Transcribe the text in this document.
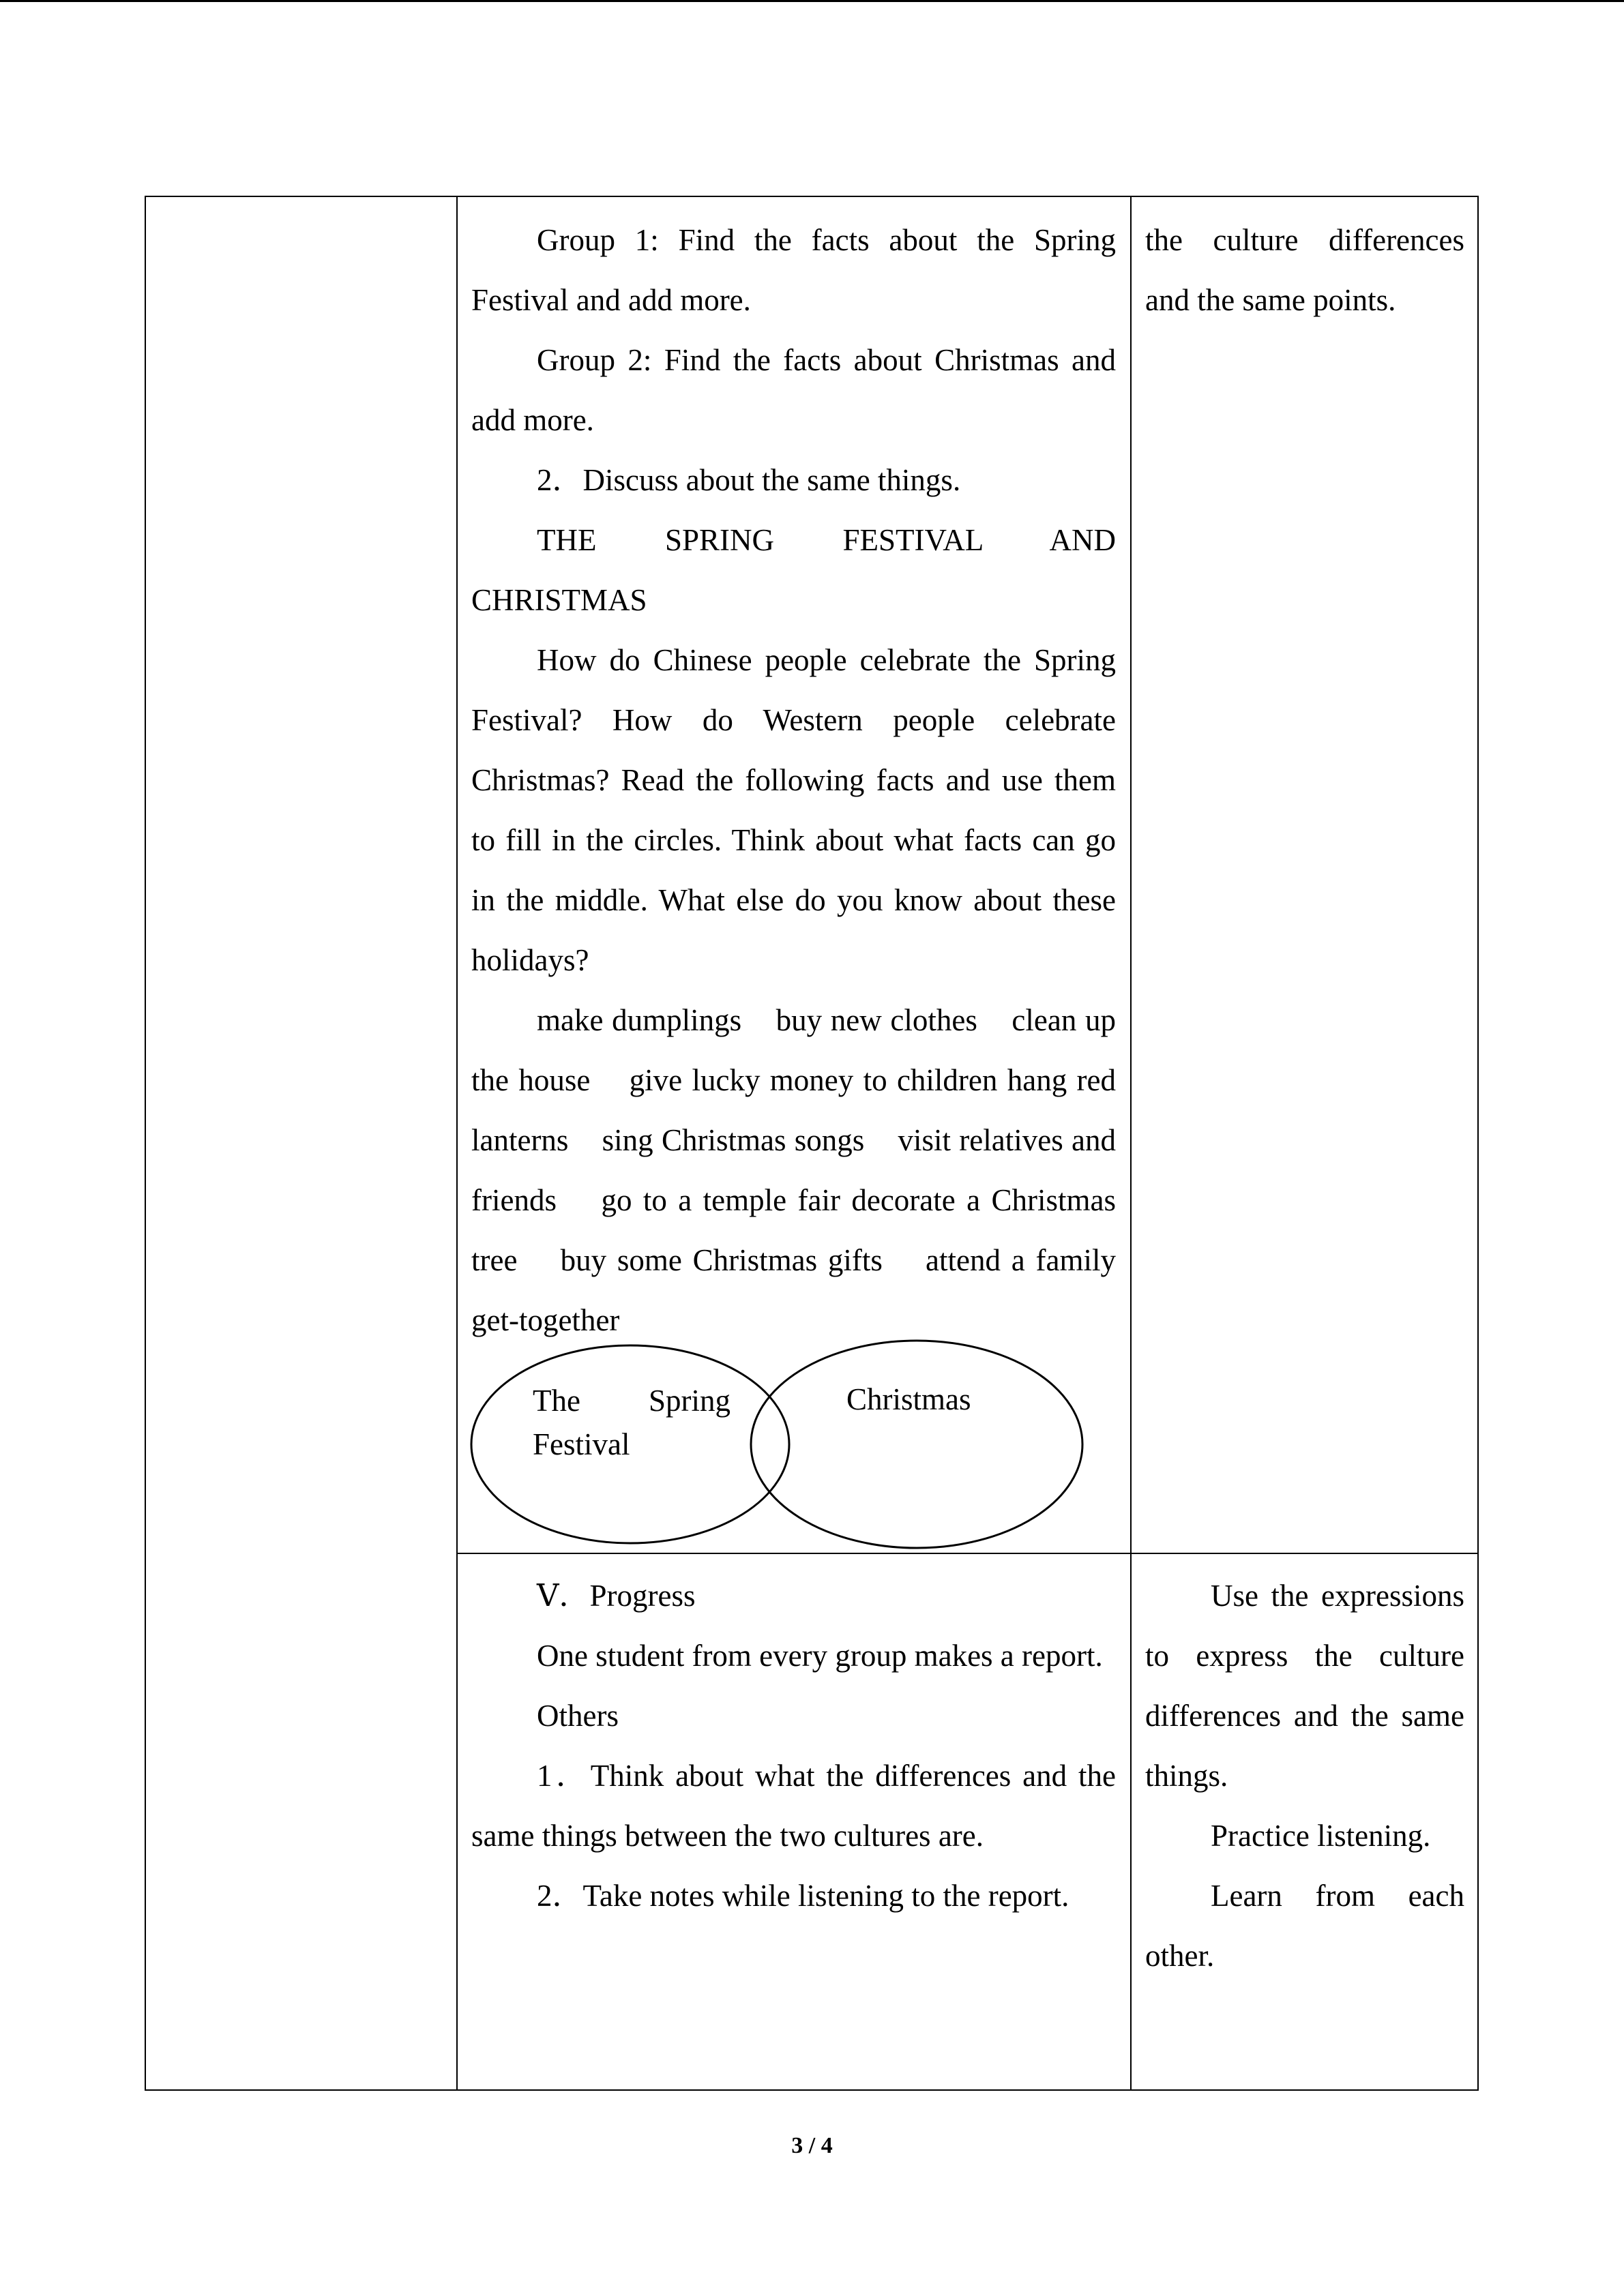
Group 1: Find the facts about the Spring Festival and add more.

Group 2: Find the facts about Christmas and add more.

2．Discuss about the same things.

THE SPRING FESTIVAL AND CHRISTMAS

How do Chinese people celebrate the Spring Festival? How do Western people celebrate Christmas? Read the following facts and use them to fill in the circles. Think about what facts can go in the middle. What else do you know about these holidays?

make dumplings    buy new clothes    clean up the house    give lucky money to children hang red lanterns    sing Christmas songs    visit relatives and friends    go to a temple fair decorate a Christmas tree    buy some Christmas gifts    attend a family get-together

The Spring Festival
Christmas

the culture differences and the same points.

Ⅴ．Progress

One student from every group makes a report.

Others

1．Think about what the differences and the same things between the two cultures are.

2．Take notes while listening to the report.

Use the expressions to express the culture differences and the same things.

Practice listening.

Learn from each other.

3 / 4
